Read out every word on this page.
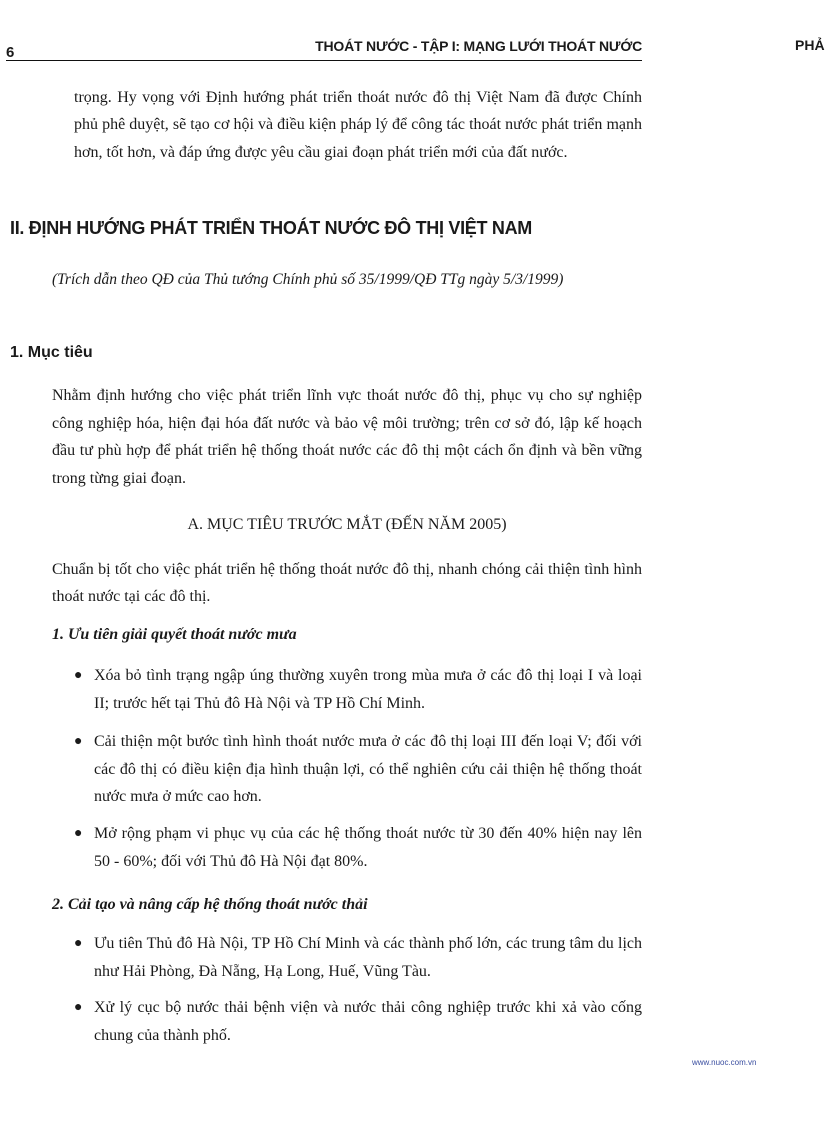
6	THOÁT NƯỚC - TẬP I: MẠNG LƯỚI THOÁT NƯỚC	PHẢ

trọng. Hy vọng với Định hướng phát triển thoát nước đô thị Việt Nam đã được Chính phủ phê duyệt, sẽ tạo cơ hội và điều kiện pháp lý để công tác thoát nước phát triển mạnh hơn, tốt hơn, và đáp ứng được yêu cầu giai đoạn phát triển mới của đất nước.

II. ĐỊNH HƯỚNG PHÁT TRIỂN THOÁT NƯỚC ĐÔ THỊ VIỆT NAM

(Trích dẫn theo QĐ của Thủ tướng Chính phủ số 35/1999/QĐ TTg ngày 5/3/1999)

1. Mục tiêu

Nhằm định hướng cho việc phát triển lĩnh vực thoát nước đô thị, phục vụ cho sự nghiệp công nghiệp hóa, hiện đại hóa đất nước và bảo vệ môi trường; trên cơ sở đó, lập kế hoạch đầu tư phù hợp để phát triển hệ thống thoát nước các đô thị một cách ổn định và bền vững trong từng giai đoạn.

A. MỤC TIÊU TRƯỚC MẮT (ĐẾN NĂM 2005)

Chuẩn bị tốt cho việc phát triển hệ thống thoát nước đô thị, nhanh chóng cải thiện tình hình thoát nước tại các đô thị.

1. Ưu tiên giải quyết thoát nước mưa
● Xóa bỏ tình trạng ngập úng thường xuyên trong mùa mưa ở các đô thị loại I và loại II; trước hết tại Thủ đô Hà Nội và TP Hồ Chí Minh.

● Cải thiện một bước tình hình thoát nước mưa ở các đô thị loại III đến loại V; đối với các đô thị có điều kiện địa hình thuận lợi, có thể nghiên cứu cải thiện hệ thống thoát nước mưa ở mức cao hơn.

● Mở rộng phạm vi phục vụ của các hệ thống thoát nước từ 30 đến 40% hiện nay lên 50 - 60%; đối với Thủ đô Hà Nội đạt 80%.

2. Cải tạo và nâng cấp hệ thống thoát nước thải
● Ưu tiên Thủ đô Hà Nội, TP Hồ Chí Minh và các thành phố lớn, các trung tâm du lịch như Hải Phòng, Đà Nẵng, Hạ Long, Huế, Vũng Tàu.

● Xử lý cục bộ nước thải bệnh viện và nước thải công nghiệp trước khi xả vào cống chung của thành phố.

www.nuoc.com.vn
